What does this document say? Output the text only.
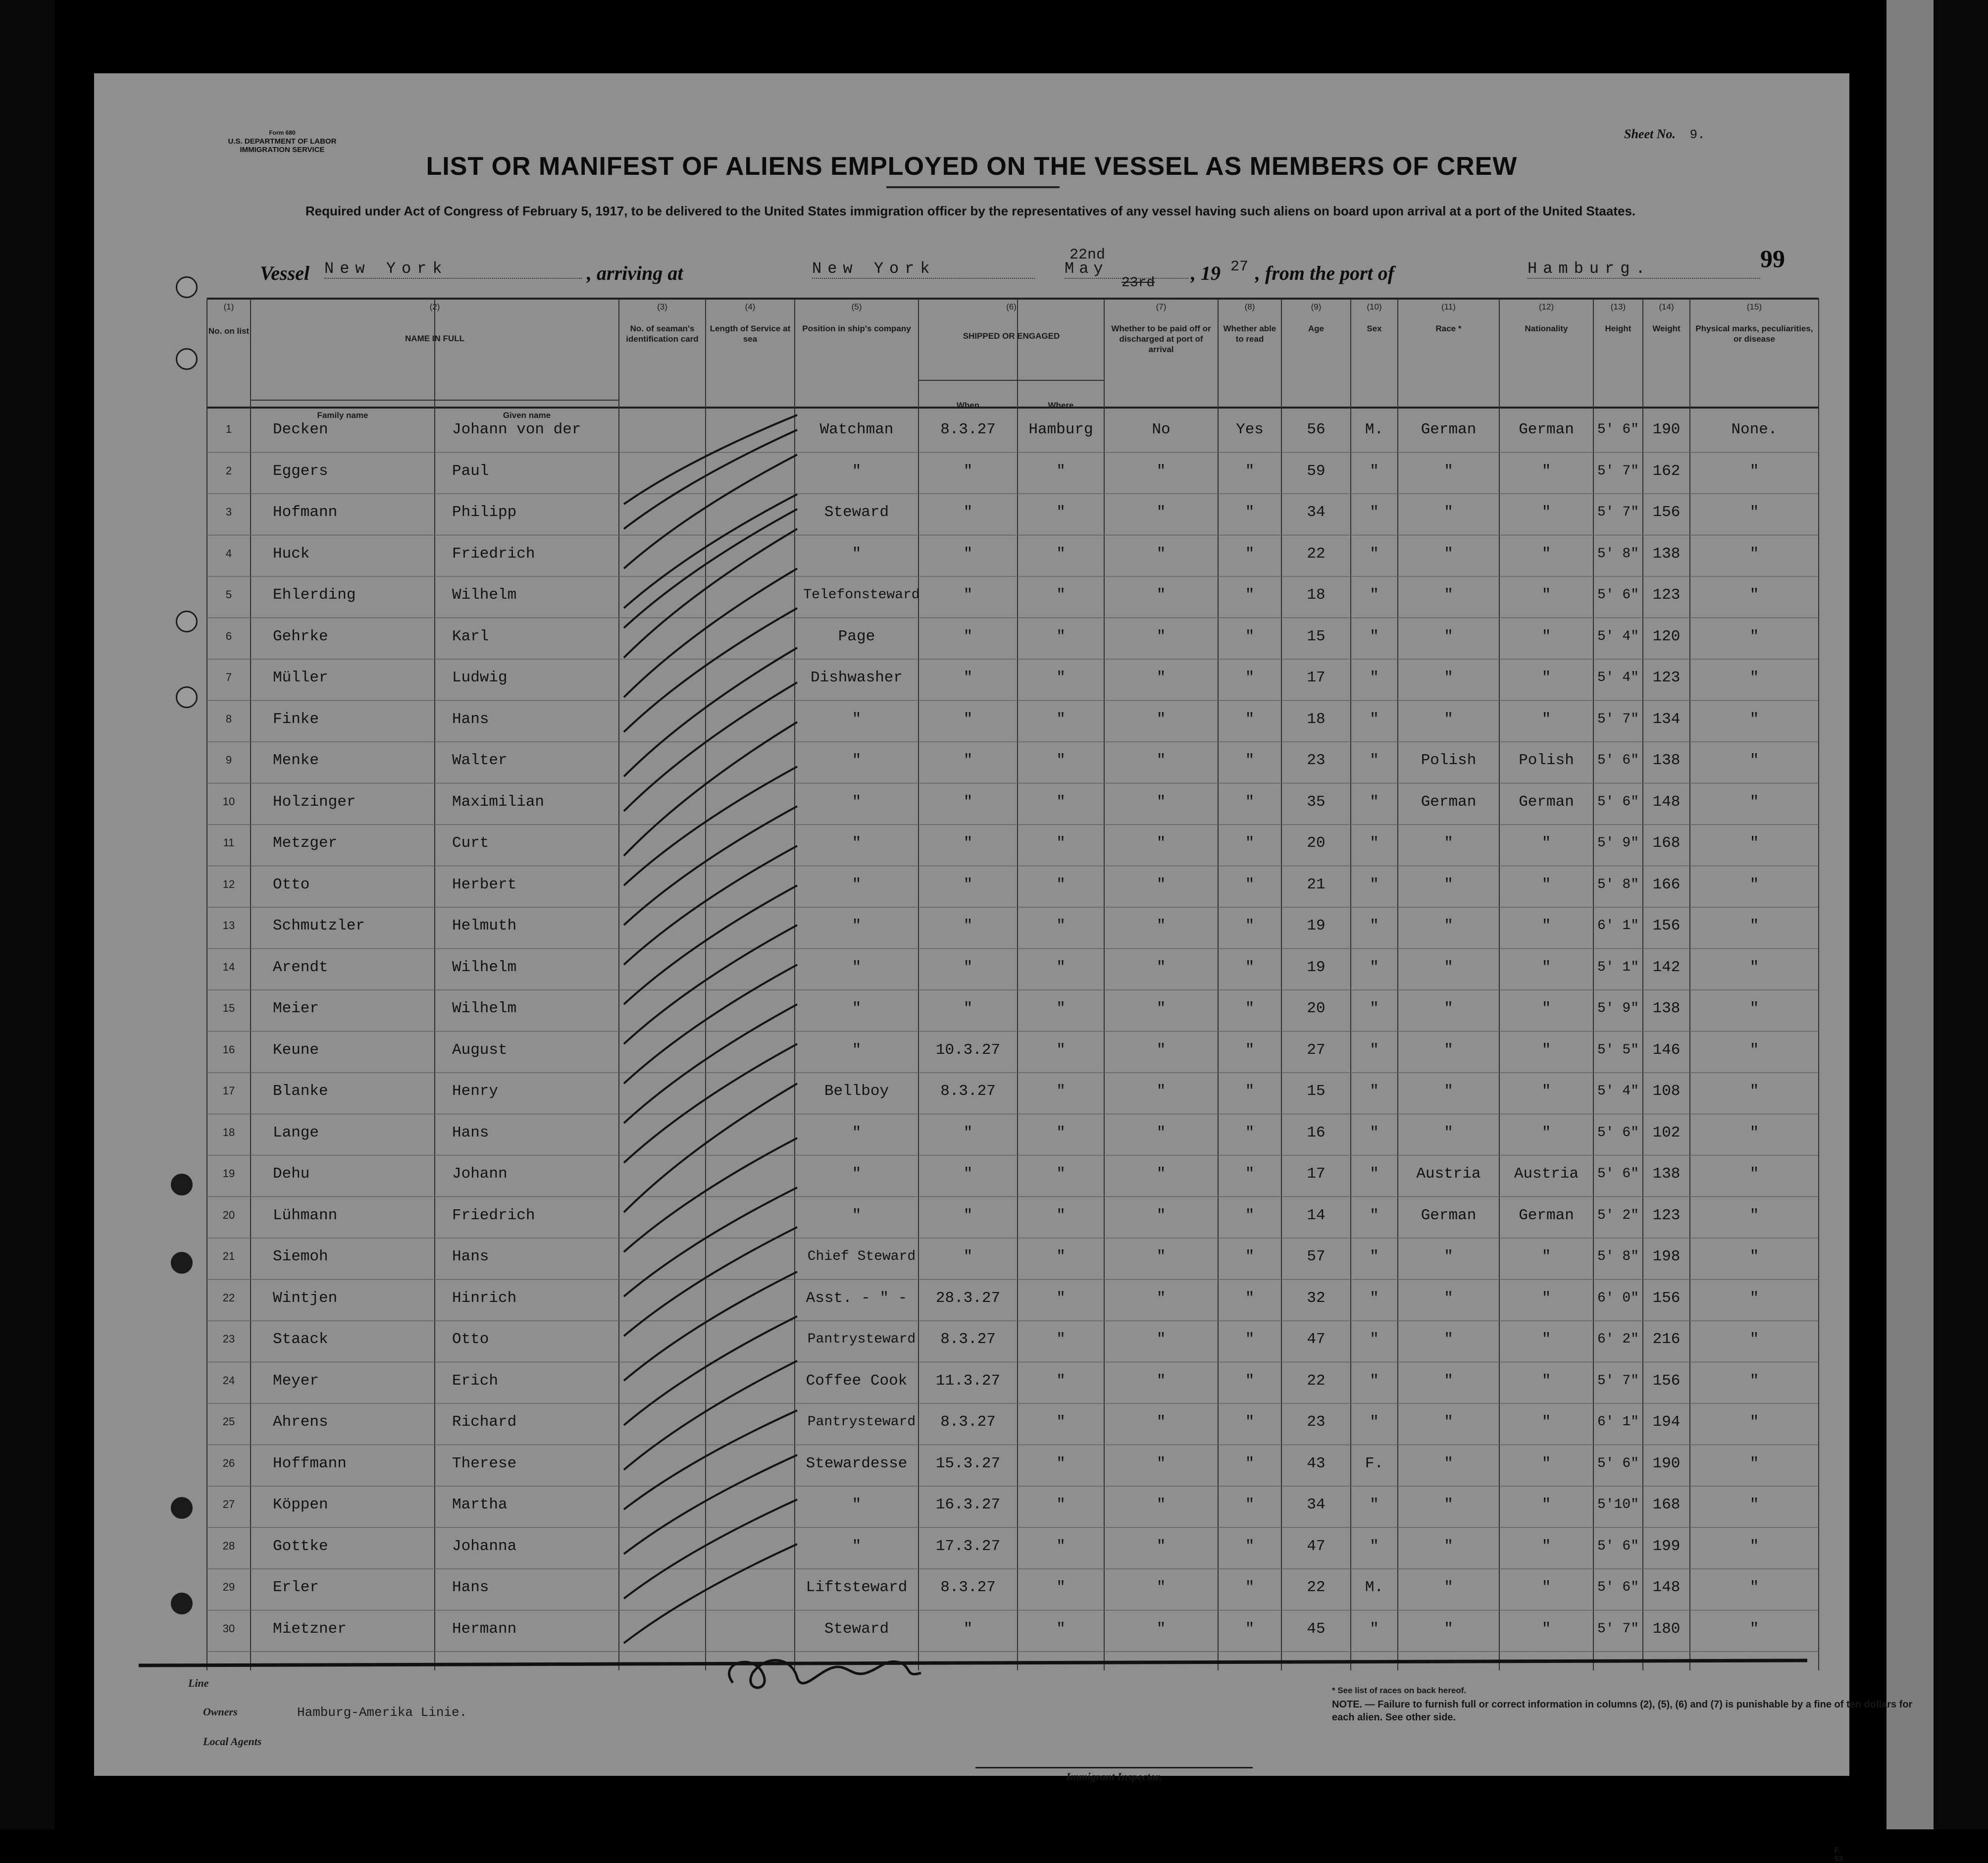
Form 680
U.S. DEPARTMENT OF LABOR
IMMIGRATION SERVICE
Sheet No. 9.
LIST OR MANIFEST OF ALIENS EMPLOYED ON THE VESSEL AS MEMBERS OF CREW
Required under Act of Congress of February 5, 1917, to be delivered to the United States immigration officer by the representatives of any vessel having such aliens on board upon arrival at a port of the United Staates.
99
22nd
Vessel New York	, arriving at	New York	May
23rd , 19 27 , from the port of	Hamburg.
(1)
No. on list
(2)
NAME IN FULL
Family name	Given name
(3)
No. of seaman's identification card
(4)
Length of Service at sea
(5)
Position in ship's company
(7)
Whether to be paid off or discharged at port of arrival
(8)
Whether able to read
(9)
Age
(10)
Sex
(11)
Race *
(12)
Nationality
(13)
Height
(14)
Weight
(15)
Physical marks, peculiarities, or disease
(6)
SHIPPED OR ENGAGED
When	Where
1	Decken	Johann von der	Watchman	8.3.27	Hamburg	No	Yes	56	M.	German	German	5' 6" 190	None.
2	Eggers	Paul	"	"	"	"	"	59	"	"	"	5' 7" 162	"
3	Hofmann	Philipp	Steward	"	"	"	"	34	"	"	"	5' 7" 156	"
4	Huck	Friedrich	"	"	"	"	"	22	"	"	"	5' 8" 138	"
5	Ehlerding	Wilhelm	Telefonsteward	"	"	"	"	18	"	"	"	5' 6" 123	"
6	Gehrke	Karl	Page	"	"	"	"	15	"	"	"	5' 4" 120	"
7	Müller	Ludwig	Dishwasher	"	"	"	"	17	"	"	"	5' 4" 123	"
8	Finke	Hans	"	"	"	"	"	18	"	"	"	5' 7" 134	"
9	Menke	Walter	"	"	"	"	"	23	"	Polish	Polish	5' 6" 138	"
10	Holzinger	Maximilian	"	"	"	"	"	35	"	German	German	5' 6" 148	"
11	Metzger	Curt	"	"	"	"	"	20	"	"	"	5' 9" 168	"
12	Otto	Herbert	"	"	"	"	"	21	"	"	"	5' 8" 166	"
13	Schmutzler	Helmuth	"	"	"	"	"	19	"	"	"	6' 1" 156	"
14	Arendt	Wilhelm	"	"	"	"	"	19	"	"	"	5' 1" 142	"
15	Meier	Wilhelm	"	"	"	"	"	20	"	"	"	5' 9" 138	"
16	Keune	August	"	10.3.27	"	"	"	27	"	"	"	5' 5" 146	"
17	Blanke	Henry	Bellboy	8.3.27	"	"	"	15	"	"	"	5' 4" 108	"
18	Lange	Hans	"	"	"	"	"	16	"	"	"	5' 6" 102	"
19	Dehu	Johann	"	"	"	"	"	17	"	Austria	Austria	5' 6" 138	"
20	Lühmann	Friedrich	"	"	"	"	"	14	"	German	German	5' 2" 123	"
21	Siemoh	Hans	Chief Steward	"	"	"	"	57	"	"	"	5' 8" 198	"
22	Wintjen	Hinrich	Asst. - " -	28.3.27	"	"	"	32	"	"	"	6' 0" 156	"
23	Staack	Otto	Pantrysteward	8.3.27	"	"	"	47	"	"	"	6' 2" 216	"
24	Meyer	Erich	Coffee Cook	11.3.27	"	"	"	22	"	"	"	5' 7" 156	"
25	Ahrens	Richard	Pantrysteward	8.3.27	"	"	"	23	"	"	"	6' 1" 194	"
26	Hoffmann	Therese	Stewardesse	15.3.27	"	"	"	43	F.	"	"	5' 6" 190	"
27	Köppen	Martha	"	16.3.27	"	"	"	34	"	"	"	5'10" 168	"
28	Gottke	Johanna	"	17.3.27	"	"	"	47	"	"	"	5' 6" 199	"
29	Erler	Hans	Liftsteward	8.3.27	"	"	"	22	M.	"	"	5' 6" 148	"
30	Mietzner	Hermann	Steward	"	"	"	"	45	"	"	"	5' 7" 180	"
Line
Owners	Hamburg-Amerika Linie.
Local Agents
Immigrant Inspector.
* See list of races on back hereof.
NOTE. — Failure to furnish full or correct information in columns (2), (5), (6) and (7) is punishable by a fine of ten dollars for each alien. See other side.
F. 53.
